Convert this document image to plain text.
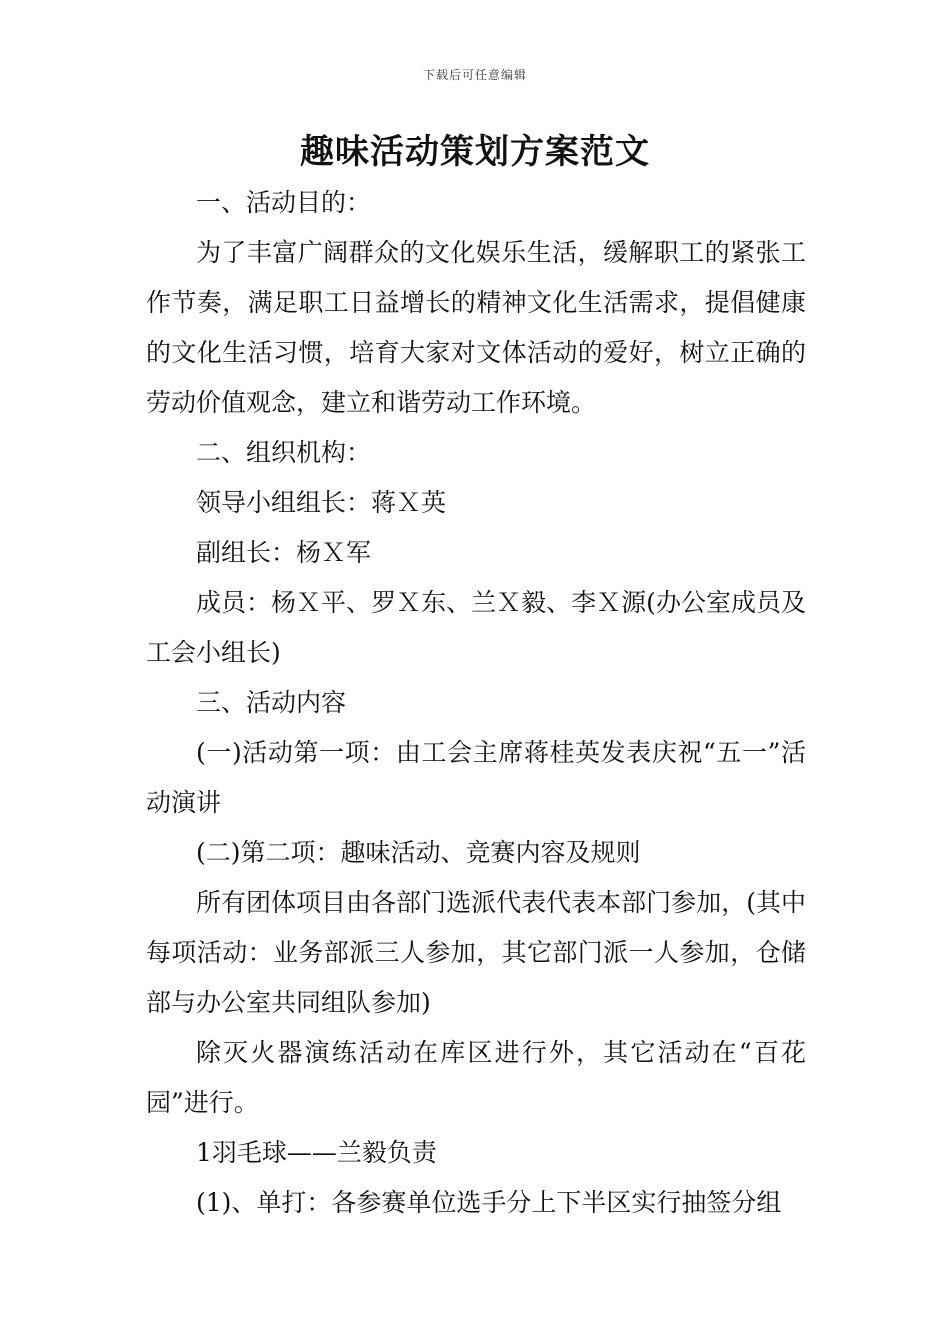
下载后可任意编辑
趣味活动策划方案范文

一、活动目的：

为了丰富广阔群众的文化娱乐生活，缓解职工的紧张工作节奏，满足职工日益增长的精神文化生活需求，提倡健康的文化生活习惯，培育大家对文体活动的爱好，树立正确的劳动价值观念，建立和谐劳动工作环境。

二、组织机构：

领导小组组长：蒋Ｘ英

副组长：杨Ｘ军

成员：杨Ｘ平、罗Ｘ东、兰Ｘ毅、李Ｘ源(办公室成员及工会小组长)

三、活动内容

(一)活动第一项：由工会主席蒋桂英发表庆祝“五一”活动演讲

(二)第二项：趣味活动、竞赛内容及规则

所有团体项目由各部门选派代表代表本部门参加，(其中每项活动：业务部派三人参加，其它部门派一人参加，仓储部与办公室共同组队参加)

除灭火器演练活动在库区进行外，其它活动在“百花园”进行。

1羽毛球——兰毅负责

(1)、单打：各参赛单位选手分上下半区实行抽签分组
